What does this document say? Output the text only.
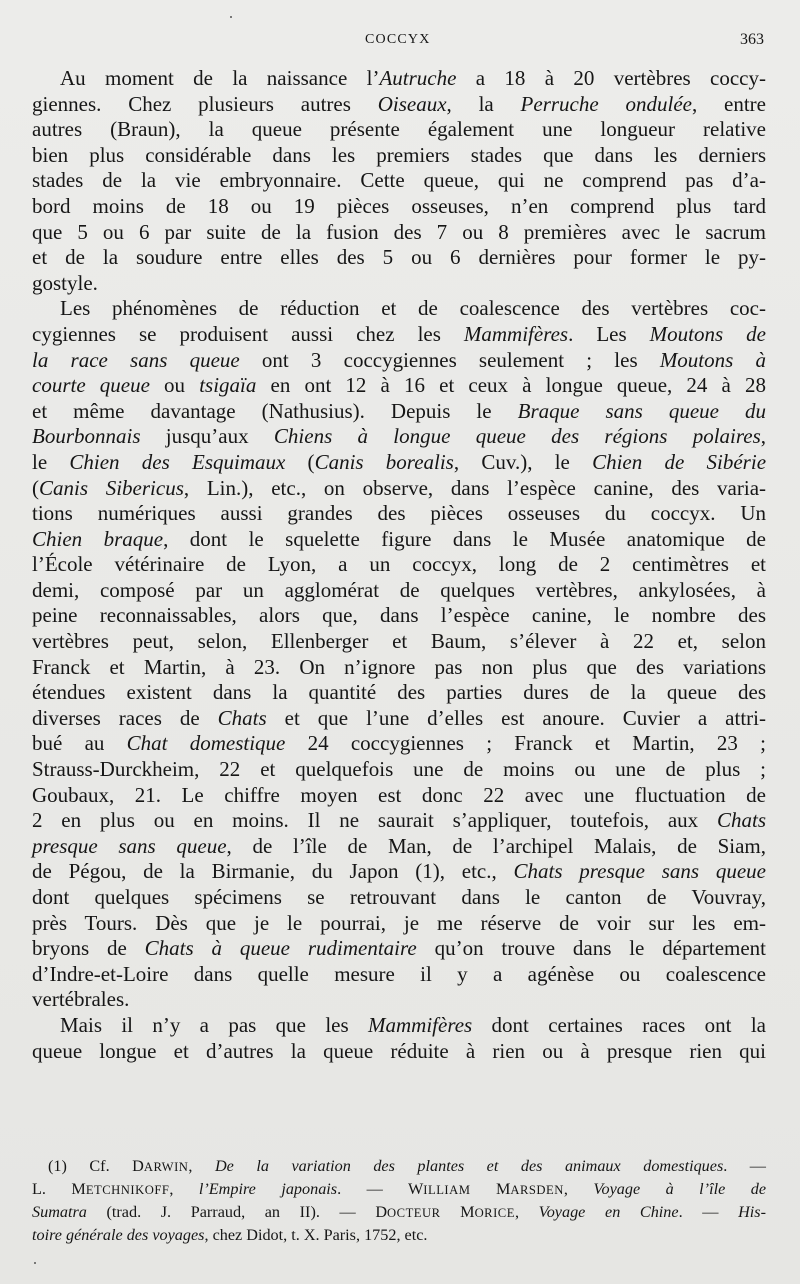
COCCYX	363
Au moment de la naissance l’Autruche a 18 à 20 vertèbres coccy-
giennes. Chez plusieurs autres Oiseaux, la Perruche ondulée, entre
autres (Braun), la queue présente également une longueur relative
bien plus considérable dans les premiers stades que dans les derniers
stades de la vie embryonnaire. Cette queue, qui ne comprend pas d’a-
bord moins de 18 ou 19 pièces osseuses, n’en comprend plus tard
que 5 ou 6 par suite de la fusion des 7 ou 8 premières avec le sacrum
et de la soudure entre elles des 5 ou 6 dernières pour former le py-
gostyle.
Les phénomènes de réduction et de coalescence des vertèbres coc-
cygiennes se produisent aussi chez les Mammifères. Les Moutons de
la race sans queue ont 3 coccygiennes seulement ; les Moutons à
courte queue ou tsigaïa en ont 12 à 16 et ceux à longue queue, 24 à 28
et même davantage (Nathusius). Depuis le Braque sans queue du
Bourbonnais jusqu’aux Chiens à longue queue des régions polaires,
le Chien des Esquimaux (Canis borealis, Cuv.), le Chien de Sibérie
(Canis Sibericus, Lin.), etc., on observe, dans l’espèce canine, des varia-
tions numériques aussi grandes des pièces osseuses du coccyx. Un
Chien braque, dont le squelette figure dans le Musée anatomique de
l’École vétérinaire de Lyon, a un coccyx, long de 2 centimètres et
demi, composé par un agglomérat de quelques vertèbres, ankylosées, à
peine reconnaissables, alors que, dans l’espèce canine, le nombre des
vertèbres peut, selon, Ellenberger et Baum, s’élever à 22 et, selon
Franck et Martin, à 23. On n’ignore pas non plus que des variations
étendues existent dans la quantité des parties dures de la queue des
diverses races de Chats et que l’une d’elles est anoure. Cuvier a attri-
bué au Chat domestique 24 coccygiennes ; Franck et Martin, 23 ;
Strauss-Durckheim, 22 et quelquefois une de moins ou une de plus ;
Goubaux, 21. Le chiffre moyen est donc 22 avec une fluctuation de
2 en plus ou en moins. Il ne saurait s’appliquer, toutefois, aux Chats
presque sans queue, de l’île de Man, de l’archipel Malais, de Siam,
de Pégou, de la Birmanie, du Japon (1), etc., Chats presque sans queue
dont quelques spécimens se retrouvant dans le canton de Vouvray,
près Tours. Dès que je le pourrai, je me réserve de voir sur les em-
bryons de Chats à queue rudimentaire qu’on trouve dans le département
d’Indre-et-Loire dans quelle mesure il y a agénèse ou coalescence
vertébrales.
Mais il n’y a pas que les Mammifères dont certaines races ont la
queue longue et d’autres la queue réduite à rien ou à presque rien qui
(1) Cf. DARWIN, De la variation des plantes et des animaux domestiques. —
L. METCHNIKOFF, l’Empire japonais. — WILLIAM MARSDEN, Voyage à l’île de
Sumatra (trad. J. Parraud, an II). — DOCTEUR MORICE, Voyage en Chine. — His-
toire générale des voyages, chez Didot, t. X. Paris, 1752, etc.
